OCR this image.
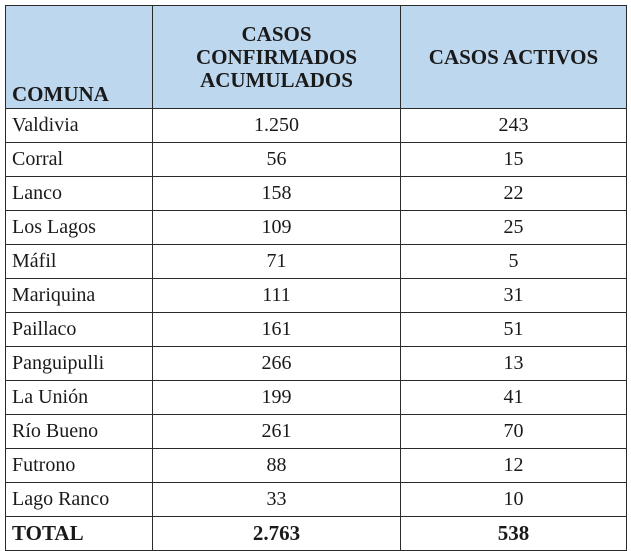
COMUNA	CASOS CONFIRMADOS ACUMULADOS	CASOS ACTIVOS
Valdivia	1.250	243
Corral	56	15
Lanco	158	22
Los Lagos	109	25
Máfil	71	5
Mariquina	111	31
Paillaco	161	51
Panguipulli	266	13
La Unión	199	41
Río Bueno	261	70
Futrono	88	12
Lago Ranco	33	10
TOTAL	2.763	538
